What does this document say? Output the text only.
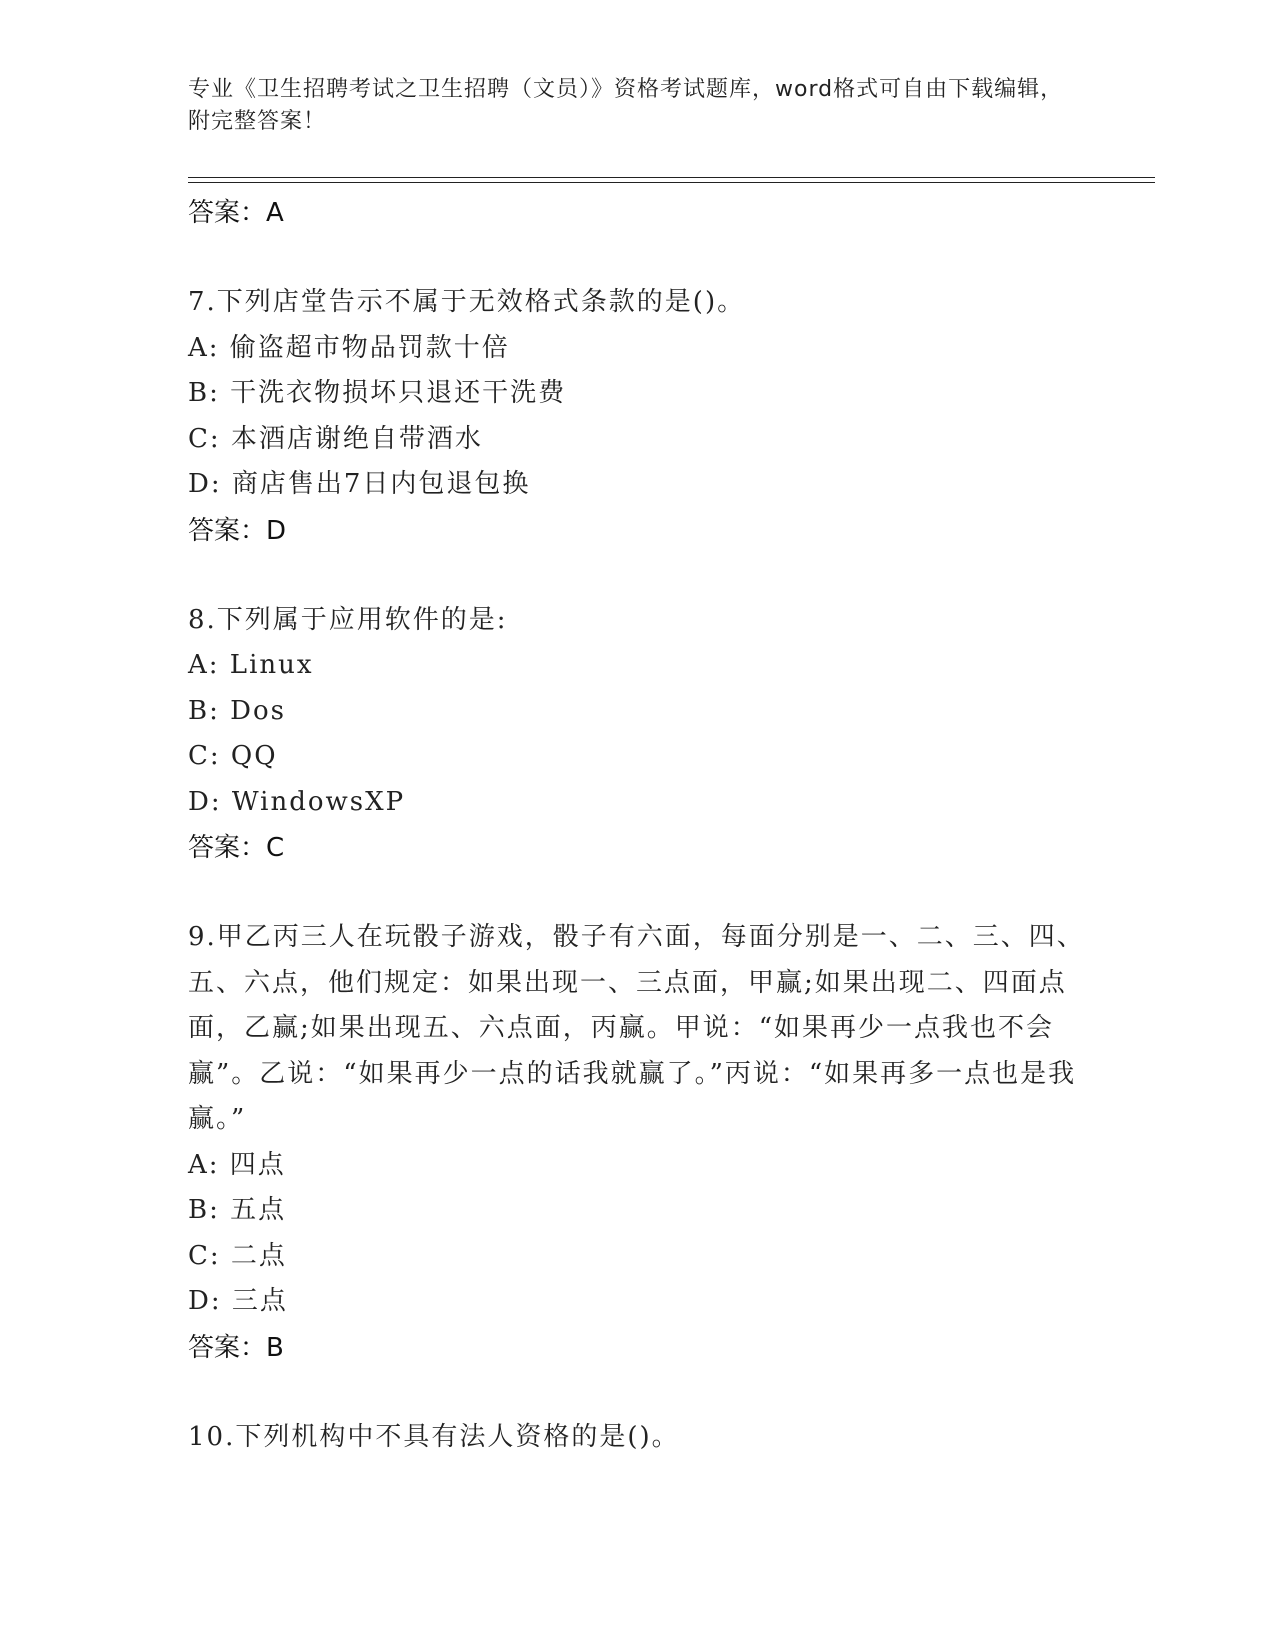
专业《卫生招聘考试之卫生招聘（文员）》资格考试题库，word格式可自由下载编辑，附完整答案！
答案：A
7.下列店堂告示不属于无效格式条款的是()。
A: 偷盗超市物品罚款十倍
B: 干洗衣物损坏只退还干洗费
C: 本酒店谢绝自带酒水
D: 商店售出7日内包退包换
答案：D
8.下列属于应用软件的是:
A: Linux
B: Dos
C: QQ
D: WindowsXP
答案：C
9.甲乙丙三人在玩骰子游戏，骰子有六面，每面分别是一、二、三、四、五、六点，他们规定：如果出现一、三点面，甲赢;如果出现二、四面点面，乙赢;如果出现五、六点面，丙赢。甲说：“如果再少一点我也不会赢”。乙说：“如果再少一点的话我就赢了。”丙说：“如果再多一点也是我赢。”
A: 四点
B: 五点
C: 二点
D: 三点
答案：B
10.下列机构中不具有法人资格的是()。
